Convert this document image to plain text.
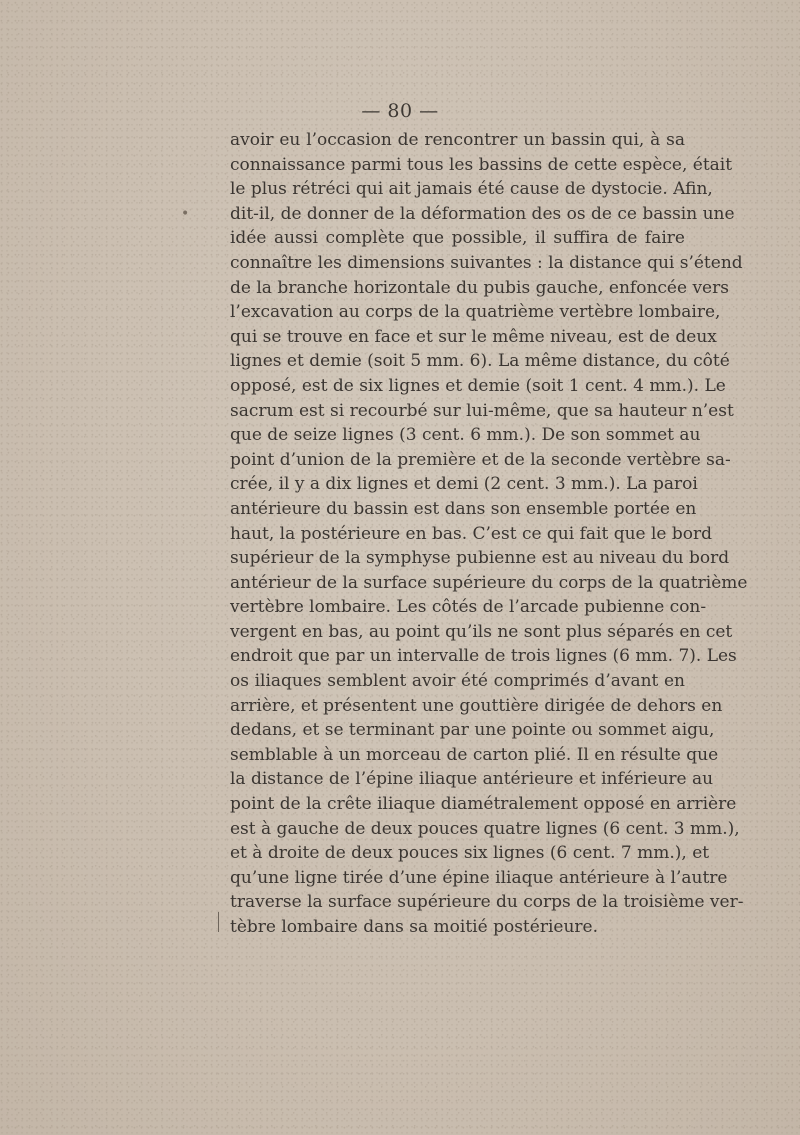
— 80 —
•
avoir eu l’occasion de rencontrer un bassin qui, à sa
connaissance parmi tous les bassins de cette espèce, était
le plus rétréci qui ait jamais été cause de dystocie. Afin,
dit-il, de donner de la déformation des os de ce bassin une
idée aussi complète que possible, il suffira de faire
connaître les dimensions suivantes : la distance qui s’étend
de la branche horizontale du pubis gauche, enfoncée vers
l’excavation au corps de la quatrième vertèbre lombaire,
qui se trouve en face et sur le même niveau, est de deux
lignes et demie (soit 5 mm. 6). La même distance, du côté
opposé, est de six lignes et demie (soit 1 cent. 4 mm.). Le
sacrum est si recourbé sur lui-même, que sa hauteur n’est
que de seize lignes (3 cent. 6 mm.). De son sommet au
point d’union de la première et de la seconde vertèbre sa-
crée, il y a dix lignes et demi (2 cent. 3 mm.). La paroi
antérieure du bassin est dans son ensemble portée en
haut, la postérieure en bas. C’est ce qui fait que le bord
supérieur de la symphyse pubienne est au niveau du bord
antérieur de la surface supérieure du corps de la quatrième
vertèbre lombaire. Les côtés de l’arcade pubienne con-
vergent en bas, au point qu’ils ne sont plus séparés en cet
endroit que par un intervalle de trois lignes (6 mm. 7). Les
os iliaques semblent avoir été comprimés d’avant en
arrière, et présentent une gouttière dirigée de dehors en
dedans, et se terminant par une pointe ou sommet aigu,
semblable à un morceau de carton plié. Il en résulte que
la distance de l’épine iliaque antérieure et inférieure au
point de la crête iliaque diamétralement opposé en arrière
est à gauche de deux pouces quatre lignes (6 cent. 3 mm.),
et à droite de deux pouces six lignes (6 cent. 7 mm.), et
qu’une ligne tirée d’une épine iliaque antérieure à l’autre
traverse la surface supérieure du corps de la troisième ver-
tèbre lombaire dans sa moitié postérieure.
